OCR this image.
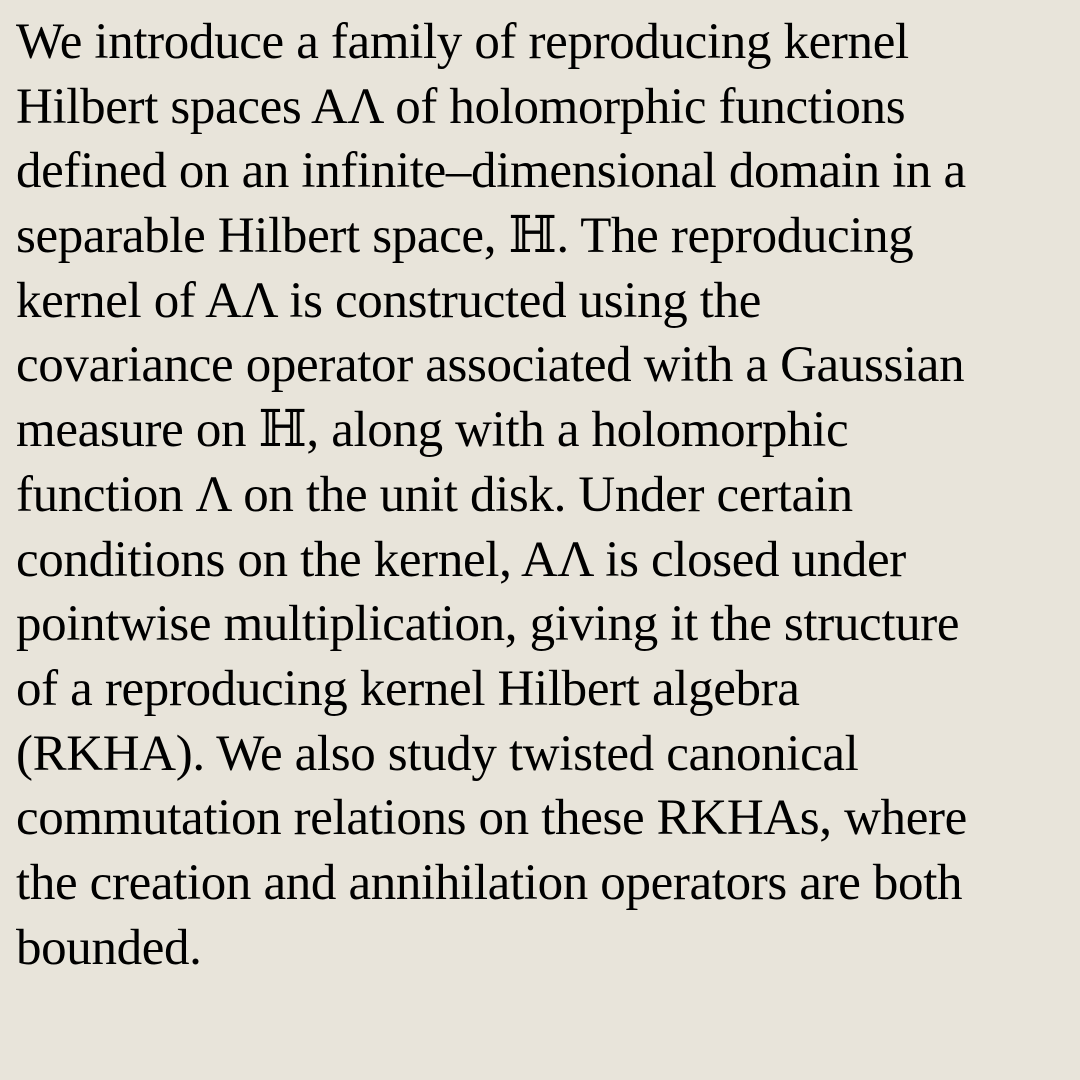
We introduce a family of reproducing kernel
Hilbert spaces AΛ of holomorphic functions
defined on an infinite–dimensional domain in a
separable Hilbert space, ℍ. The reproducing
kernel of AΛ is constructed using the
covariance operator associated with a Gaussian
measure on ℍ, along with a holomorphic
function Λ on the unit disk. Under certain
conditions on the kernel, AΛ is closed under
pointwise multiplication, giving it the structure
of a reproducing kernel Hilbert algebra
(RKHA). We also study twisted canonical
commutation relations on these RKHAs, where
the creation and annihilation operators are both
bounded.
